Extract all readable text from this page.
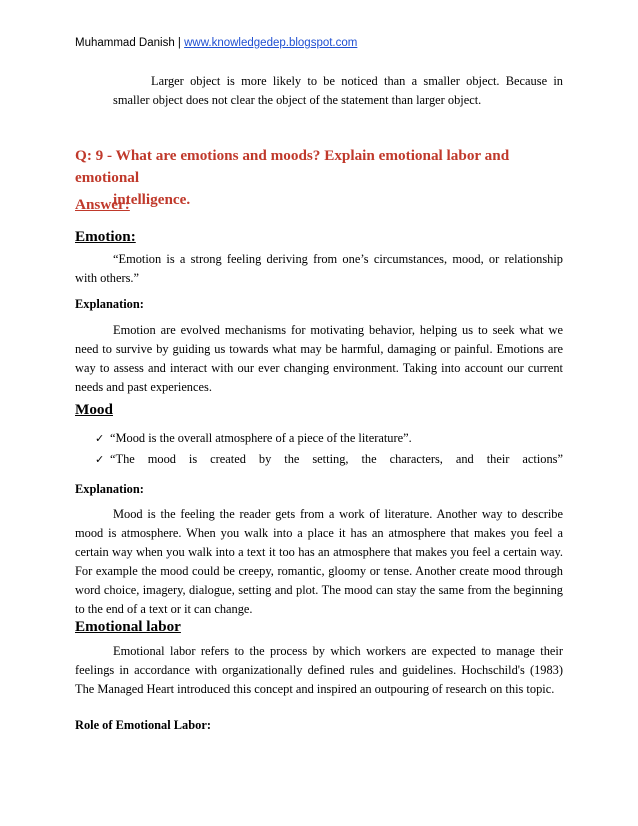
Muhammad Danish | www.knowledgedep.blogspot.com

Larger object is more likely to be noticed than a smaller object. Because in

smaller object does not clear the object of the statement than larger object.

Q: 9 - What are emotions and moods? Explain emotional labor and emotional
intelligence.
Answer:
Emotion:

“Emotion is a strong feeling deriving from one’s circumstances, mood, or relationship with others.”

Explanation:

Emotion are evolved mechanisms for motivating behavior, helping us to seek what we need to survive by guiding us towards what may be harmful, damaging or painful. Emotions are way to assess and interact with our ever changing environment. Taking into account our current needs and past experiences.

Mood
✓ “Mood is the overall atmosphere of a piece of the literature”.
✓ “The mood is created by the setting, the characters, and their actions”
Explanation:

Mood is the feeling the reader gets from a work of literature. Another way to describe mood is atmosphere. When you walk into a place it has an atmosphere that makes you feel a certain way when you walk into a text it too has an atmosphere that makes you feel a certain way. For example the mood could be creepy, romantic, gloomy or tense. Another create mood through word choice, imagery, dialogue, setting and plot. The mood can stay the same from the beginning to the end of a text or it can change.

Emotional labor

Emotional labor refers to the process by which workers are expected to manage their feelings in accordance with organizationally defined rules and guidelines. Hochschild's (1983) The Managed Heart introduced this concept and inspired an outpouring of research on this topic.

Role of Emotional Labor:
